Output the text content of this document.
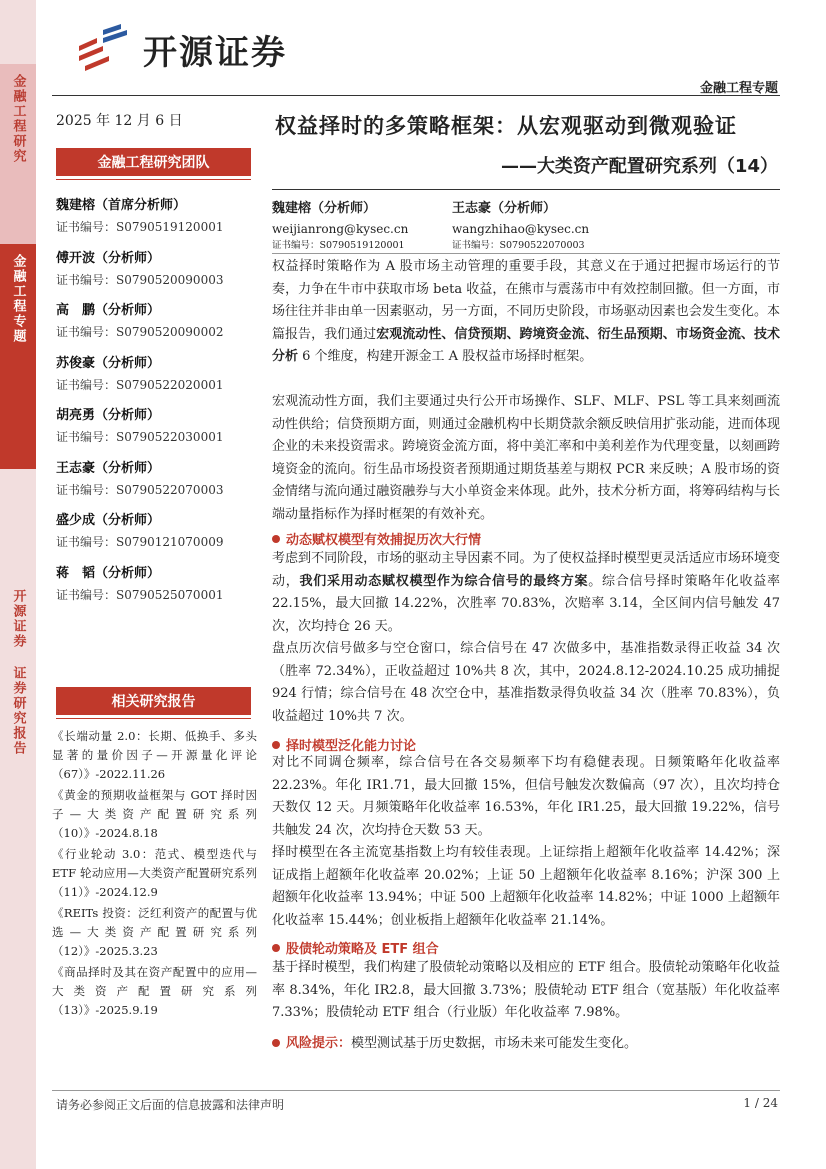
金融工程研究
金融工程专题
开源证券 证券研究报告
开源证券
金融工程专题
2025 年 12 月 6 日
金融工程研究团队
魏建榕（首席分析师）
证书编号：S0790519120001
傅开波（分析师）
证书编号：S0790520090003
高　鹏（分析师）
证书编号：S0790520090002
苏俊豪（分析师）
证书编号：S0790522020001
胡亮勇（分析师）
证书编号：S0790522030001
王志豪（分析师）
证书编号：S0790522070003
盛少成（分析师）
证书编号：S0790121070009
蒋　韬（分析师）
证书编号：S0790525070001
相关研究报告
《长端动量 2.0：长期、低换手、多头显著的量价因子—开源量化评论（67）》-2022.11.26
《黄金的预期收益框架与 GOT 择时因子—大类资产配置研究系列（10）》-2024.8.18
《行业轮动 3.0：范式、模型迭代与 ETF 轮动应用—大类资产配置研究系列（11）》-2024.12.9
《REITs 投资：泛红利资产的配置与优选—大类资产配置研究系列（12）》-2025.3.23
《商品择时及其在资产配置中的应用—大类资产配置研究系列（13）》-2025.9.19
权益择时的多策略框架：从宏观驱动到微观验证
——大类资产配置研究系列（14）
魏建榕（分析师）
weijianrong@kysec.cn
证书编号：S0790519120001
王志豪（分析师）
wangzhihao@kysec.cn
证书编号：S0790522070003
权益择时策略作为 A 股市场主动管理的重要手段，其意义在于通过把握市场运行的节奏，力争在牛市中获取市场 beta 收益，在熊市与震荡市中有效控制回撤。但一方面，市场往往并非由单一因素驱动，另一方面，不同历史阶段，市场驱动因素也会发生变化。本篇报告，我们通过宏观流动性、信贷预期、跨境资金流、衍生品预期、市场资金流、技术分析 6 个维度，构建开源金工 A 股权益市场择时框架。
宏观流动性方面，我们主要通过央行公开市场操作、SLF、MLF、PSL 等工具来刻画流动性供给；信贷预期方面，则通过金融机构中长期贷款余额反映信用扩张动能，进而体现企业的未来投资需求。跨境资金流方面，将中美汇率和中美利差作为代理变量，以刻画跨境资金的流向。衍生品市场投资者预期通过期货基差与期权 PCR 来反映；A 股市场的资金情绪与流向通过融资融券与大小单资金来体现。此外，技术分析方面，将筹码结构与长端动量指标作为择时框架的有效补充。
动态赋权模型有效捕捉历次大行情
考虑到不同阶段，市场的驱动主导因素不同。为了使权益择时模型更灵活适应市场环境变动，我们采用动态赋权模型作为综合信号的最终方案。综合信号择时策略年化收益率 22.15%，最大回撤 14.22%，次胜率 70.83%，次赔率 3.14，全区间内信号触发 47 次，次均持仓 26 天。
盘点历次信号做多与空仓窗口，综合信号在 47 次做多中，基准指数录得正收益 34 次（胜率 72.34%），正收益超过 10%共 8 次，其中，2024.8.12-2024.10.25 成功捕捉 924 行情；综合信号在 48 次空仓中，基准指数录得负收益 34 次（胜率 70.83%），负收益超过 10%共 7 次。
择时模型泛化能力讨论
对比不同调仓频率，综合信号在各交易频率下均有稳健表现。日频策略年化收益率 22.23%。年化 IR1.71，最大回撤 15%，但信号触发次数偏高（97 次），且次均持仓天数仅 12 天。月频策略年化收益率 16.53%，年化 IR1.25，最大回撤 19.22%，信号共触发 24 次，次均持仓天数 53 天。
择时模型在各主流宽基指数上均有较佳表现。上证综指上超额年化收益率 14.42%；深证成指上超额年化收益率 20.02%；上证 50 上超额年化收益率 8.16%；沪深 300 上超额年化收益率 13.94%；中证 500 上超额年化收益率 14.82%；中证 1000 上超额年化收益率 15.44%；创业板指上超额年化收益率 21.14%。
股债轮动策略及 ETF 组合
基于择时模型，我们构建了股债轮动策略以及相应的 ETF 组合。股债轮动策略年化收益率 8.34%，年化 IR2.8，最大回撤 3.73%；股债轮动 ETF 组合（宽基版）年化收益率 7.33%；股债轮动 ETF 组合（行业版）年化收益率 7.98%。
风险提示：模型测试基于历史数据，市场未来可能发生变化。
请务必参阅正文后面的信息披露和法律声明	1 / 24
